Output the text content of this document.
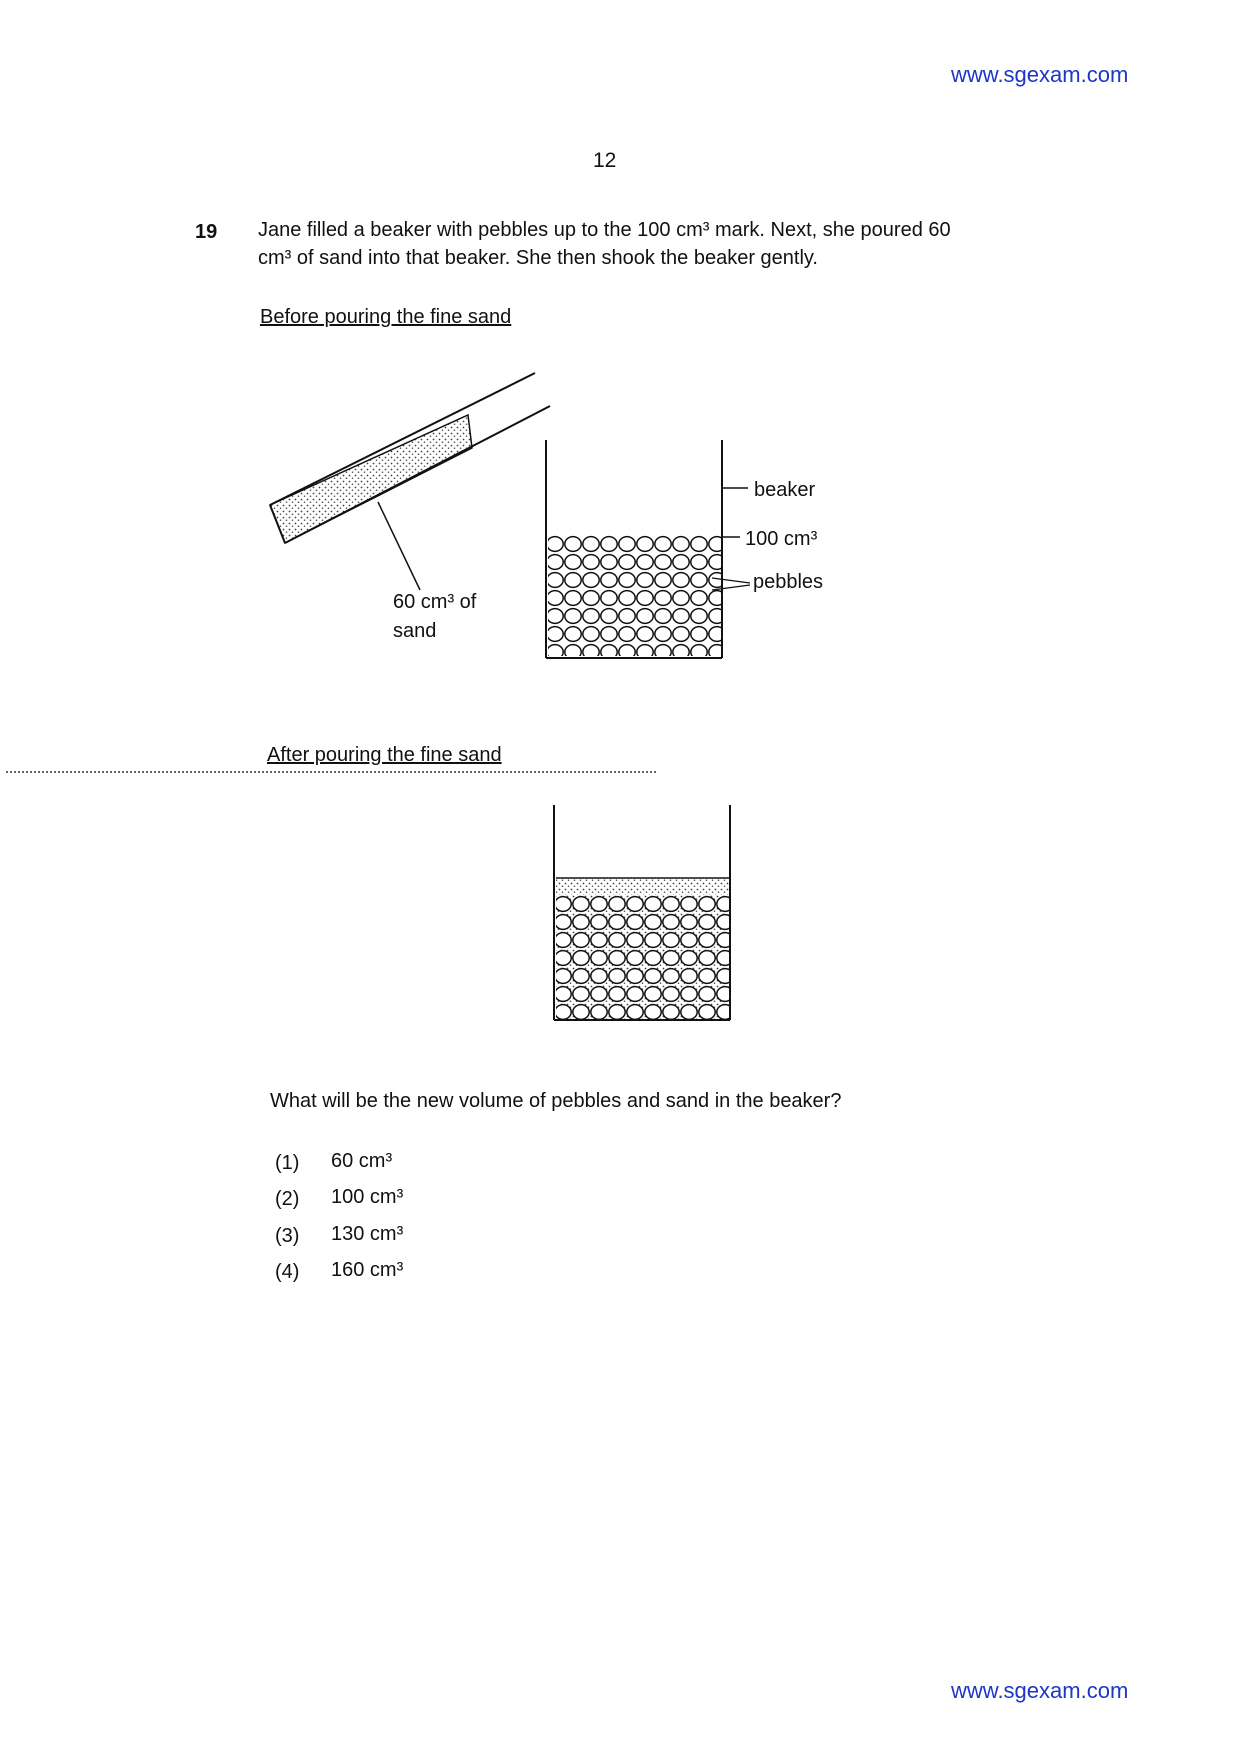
www.sgexam.com
12
19 Jane filled a beaker with pebbles up to the 100 cm³ mark. Next, she poured 60 cm³ of sand into that beaker. She then shook the beaker gently.
Before pouring the fine sand
beaker
100 cm³
pebbles
60 cm³ of
sand
After pouring the fine sand
What will be the new volume of pebbles and sand in the beaker?
(1) 60 cm³
(2) 100 cm³
(3) 130 cm³
(4) 160 cm³
www.sgexam.com
